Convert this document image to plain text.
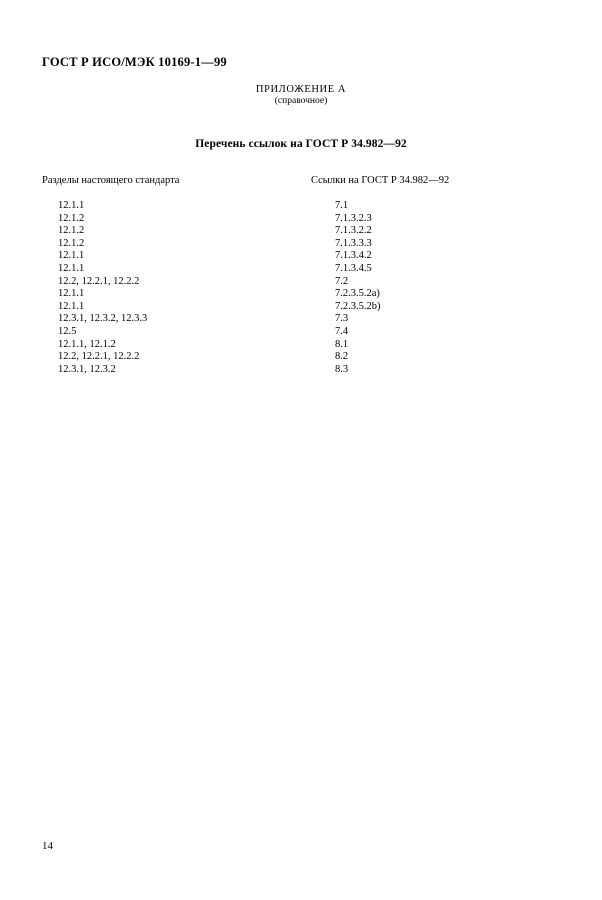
ГОСТ Р ИСО/МЭК 10169-1—99
ПРИЛОЖЕНИЕ А
(справочное)
Перечень ссылок на ГОСТ Р 34.982—92
Разделы настоящего стандарта	Ссылки на ГОСТ Р 34.982—92
12.1.1
12.1.2
12.1.2
12.1.2
12.1.1
12.1.1
12.2, 12.2.1, 12.2.2
12.1.1
12.1.1
12.3.1, 12.3.2, 12.3.3
12.5
12.1.1, 12.1.2
12.2, 12.2.1, 12.2.2
12.3.1, 12.3.2
7.1
7.1.3.2.3
7.1.3.2.2
7.1.3.3.3
7.1.3.4.2
7.1.3.4.5
7.2
7.2.3.5.2a)
7.2.3.5.2b)
7.3
7.4
8.1
8.2
8.3
14
